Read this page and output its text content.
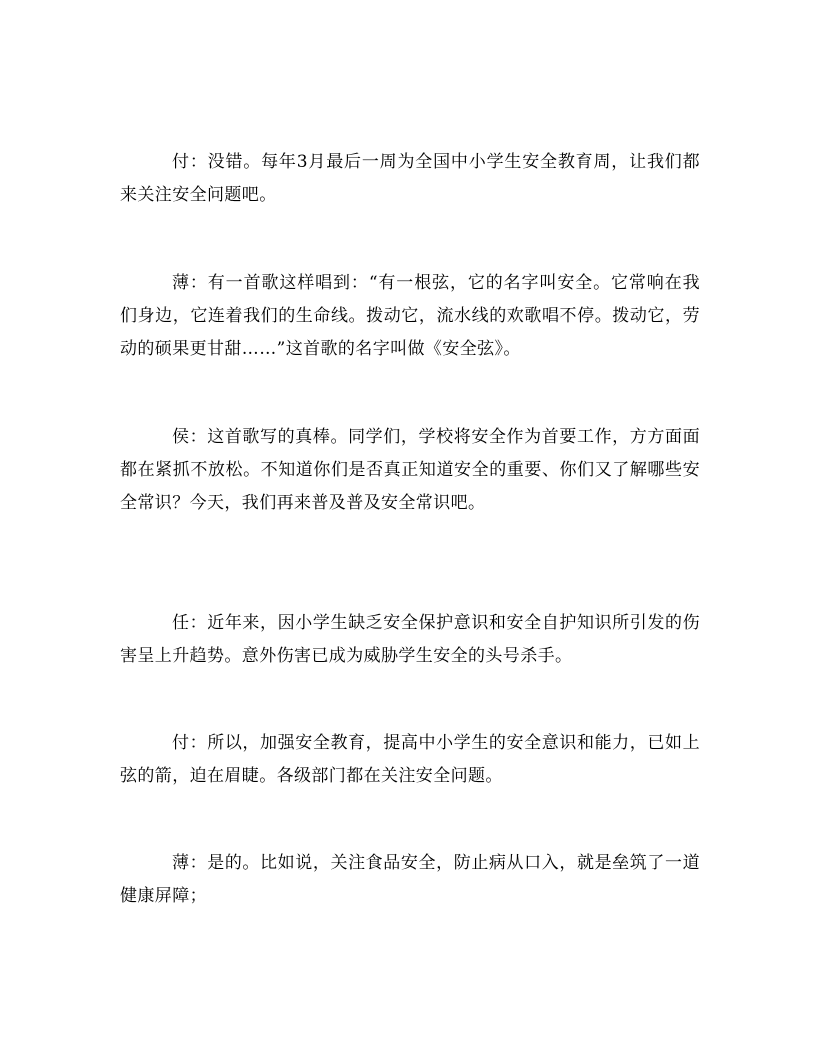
付：没错。每年3月最后一周为全国中小学生安全教育周，让我们都来关注安全问题吧。

薄：有一首歌这样唱到：“有一根弦，它的名字叫安全。它常响在我们身边，它连着我们的生命线。拨动它，流水线的欢歌唱不停。拨动它，劳动的硕果更甘甜……”这首歌的名字叫做《安全弦》。

侯：这首歌写的真棒。同学们，学校将安全作为首要工作，方方面面都在紧抓不放松。不知道你们是否真正知道安全的重要、你们又了解哪些安全常识？今天，我们再来普及普及安全常识吧。

任：近年来，因小学生缺乏安全保护意识和安全自护知识所引发的伤害呈上升趋势。意外伤害已成为威胁学生安全的头号杀手。

付：所以，加强安全教育，提高中小学生的安全意识和能力，已如上弦的箭，迫在眉睫。各级部门都在关注安全问题。

薄：是的。比如说，关注食品安全，防止病从口入，就是垒筑了一道健康屏障；
